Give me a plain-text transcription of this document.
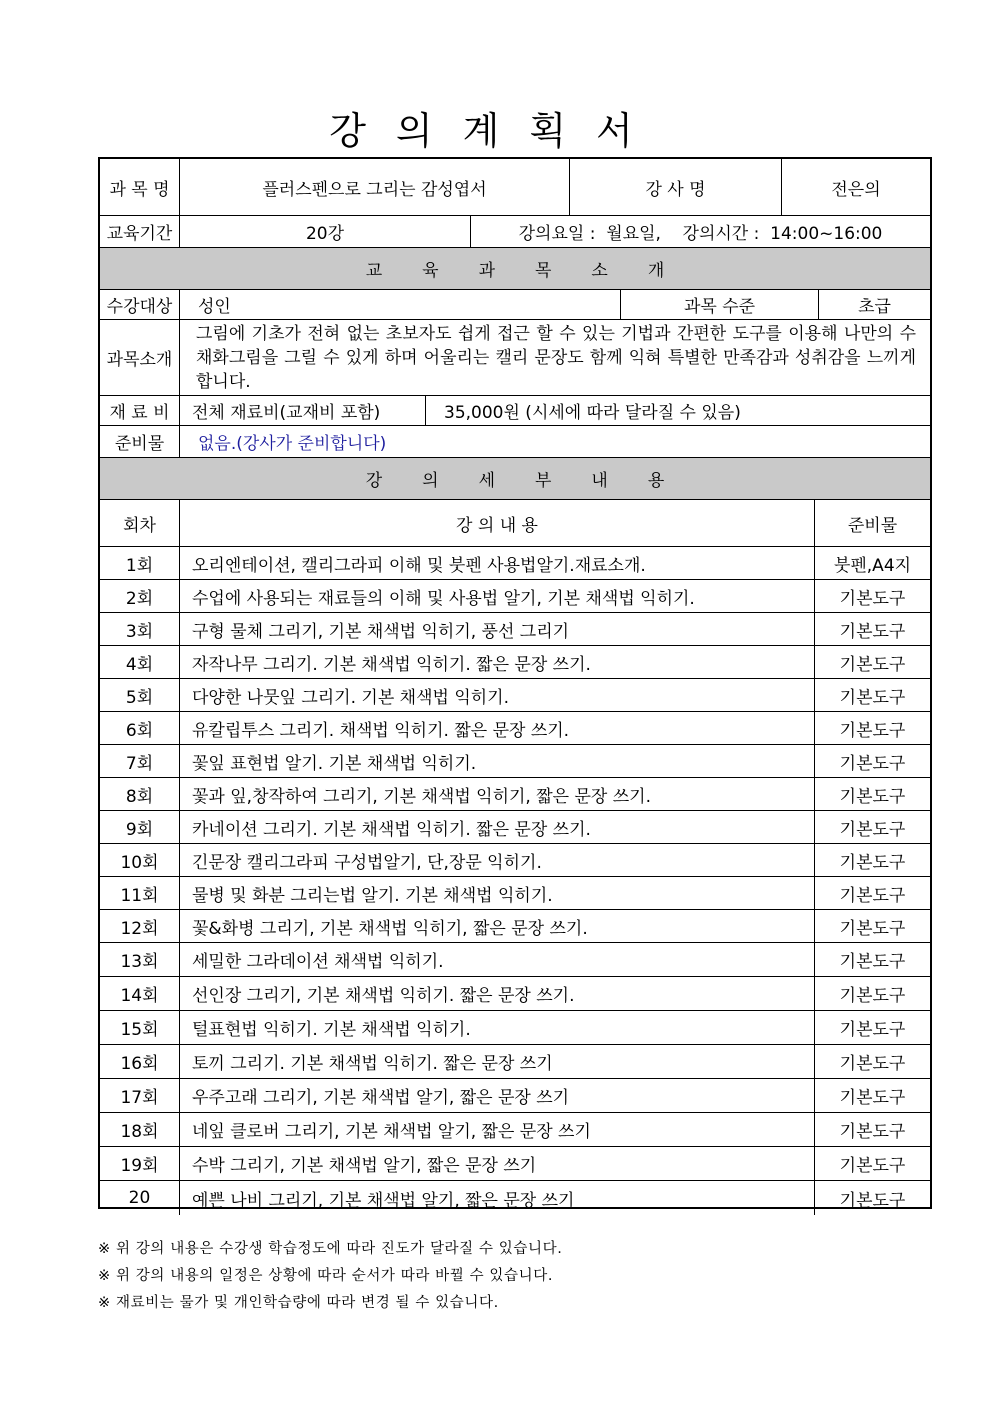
강의계획서
과 목 명	플러스펜으로 그리는 감성엽서	강 사 명	전은의
교육기간	20강	강의요일 :  월요일,    강의시간 :  14:00~16:00
교육과목소개
수강대상	성인	과목 수준	초급
과목소개
그림에 기초가 전혀 없는 초보자도 쉽게 접근 할 수 있는 기법과 간편한 도구를 이용해 나만의 수채화그림을 그릴 수 있게 하며 어울리는 캘리 문장도 함께 익혀 특별한 만족감과 성취감을 느끼게 합니다.
재 료 비	전체 재료비(교재비 포함)	35,000원 (시세에 따라 달라질 수 있음)
준비물	없음.(강사가 준비합니다)
강의세부내용
회차	강 의 내 용	준비물
1회	오리엔테이션, 캘리그라피 이해 및 붓펜 사용법알기.재료소개.	붓펜,A4지
2회	수업에 사용되는 재료들의 이해 및 사용법 알기, 기본 채색법 익히기.	기본도구
3회	구형 물체 그리기, 기본 채색법 익히기, 풍선 그리기	기본도구
4회	자작나무 그리기. 기본 채색법 익히기. 짧은 문장 쓰기.	기본도구
5회	다양한 나뭇잎 그리기. 기본 채색법 익히기.	기본도구
6회	유칼립투스 그리기. 채색법 익히기. 짧은 문장 쓰기.	기본도구
7회	꽃잎 표현법 알기. 기본 채색법 익히기.	기본도구
8회	꽃과 잎,창작하여 그리기, 기본 채색법 익히기, 짧은 문장 쓰기.	기본도구
9회	카네이션 그리기. 기본 채색법 익히기. 짧은 문장 쓰기.	기본도구
10회	긴문장 캘리그라피 구성법알기, 단,장문 익히기.	기본도구
11회	물병 및 화분 그리는법 알기. 기본 채색법 익히기.	기본도구
12회	꽃&화병 그리기, 기본 채색법 익히기, 짧은 문장 쓰기.	기본도구
13회	세밀한 그라데이션 채색법 익히기.	기본도구
14회	선인장 그리기, 기본 채색법 익히기. 짧은 문장 쓰기.	기본도구
15회	털표현법 익히기. 기본 채색법 익히기.	기본도구
16회	토끼 그리기. 기본 채색법 익히기. 짧은 문장 쓰기	기본도구
17회	우주고래 그리기, 기본 채색법 알기, 짧은 문장 쓰기	기본도구
18회	네잎 클로버 그리기, 기본 채색법 알기, 짧은 문장 쓰기	기본도구
19회	수박 그리기, 기본 채색법 알기, 짧은 문장 쓰기	기본도구
20	예쁜 나비 그리기, 기본 채색법 알기, 짧은 문장 쓰기	기본도구
※ 위 강의 내용은 수강생 학습정도에 따라 진도가 달라질 수 있습니다.
※ 위 강의 내용의 일정은 상황에 따라 순서가 따라 바뀔 수 있습니다.
※ 재료비는 물가 및 개인학습량에 따라 변경 될 수 있습니다.
